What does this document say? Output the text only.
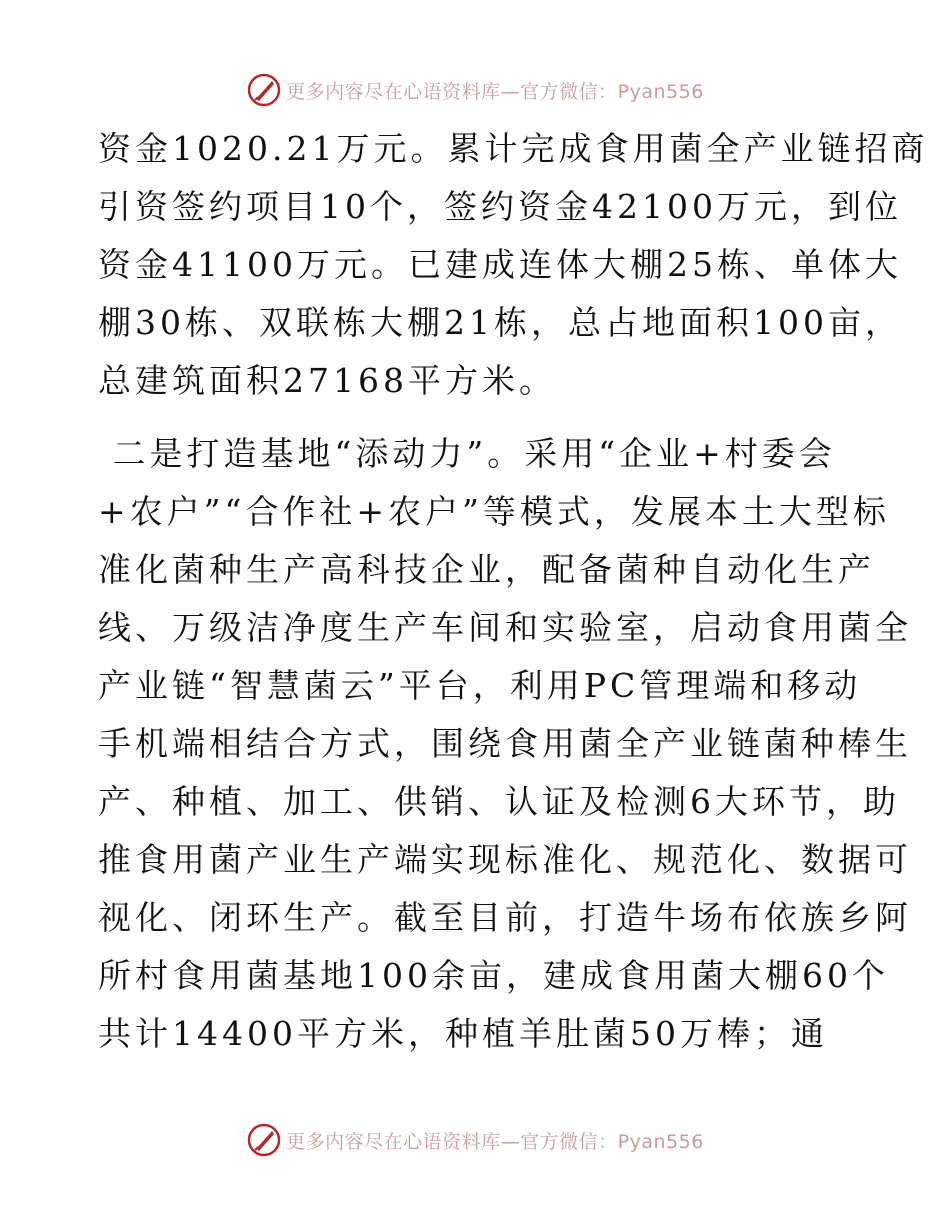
更多内容尽在心语资料库—官方微信：Pyan556
资金1020.21万元。累计完成食用菌全产业链招商
引资签约项目10个，签约资金42100万元，到位
资金41100万元。已建成连体大棚25栋、单体大
棚30栋、双联栋大棚21栋，总占地面积100亩，
总建筑面积27168平方米。
二是打造基地“添动力”。采用“企业+村委会
+农户”“合作社+农户”等模式，发展本土大型标
准化菌种生产高科技企业，配备菌种自动化生产
线、万级洁净度生产车间和实验室，启动食用菌全
产业链“智慧菌云”平台，利用PC管理端和移动
手机端相结合方式，围绕食用菌全产业链菌种棒生
产、种植、加工、供销、认证及检测6大环节，助
推食用菌产业生产端实现标准化、规范化、数据可
视化、闭环生产。截至目前，打造牛场布依族乡阿
所村食用菌基地100余亩，建成食用菌大棚60个
共计14400平方米，种植羊肚菌50万棒；通
更多内容尽在心语资料库—官方微信：Pyan556
